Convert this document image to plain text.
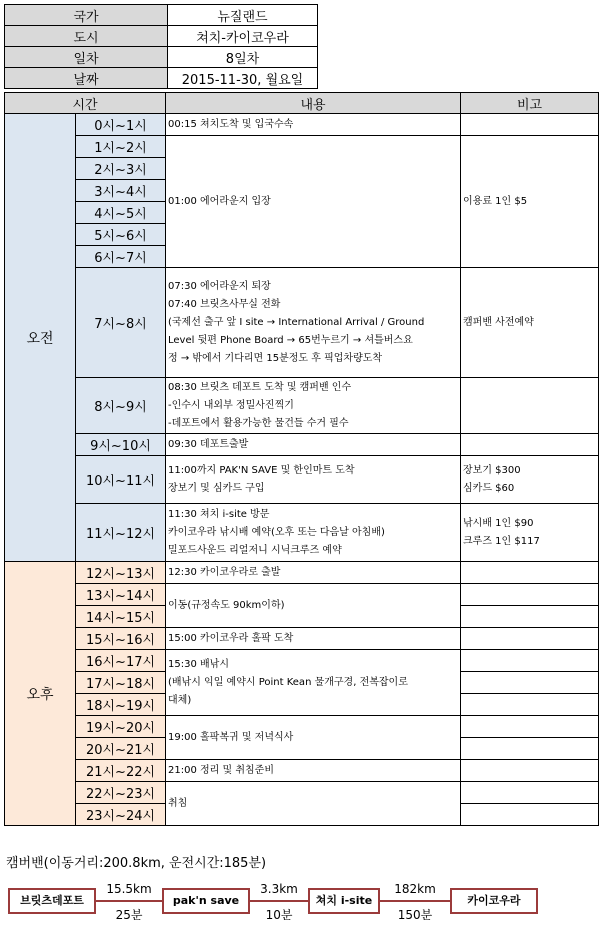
국가	뉴질랜드
도시	쳐치-카이코우라
일차	8일차
날짜	2015-11-30, 월요일
시간		내용	비고
오전	0시~1시	00:15 쳐치도착 및 입국수속	

	1시~2시	01:00 에어라운지 입장	이용료 1인 $5

	2시~3시		
	3시~4시		
	4시~5시		
	5시~6시		
	6시~7시		
	7시~8시	07:30 에어라운지 퇴장
07:40 브릿츠사무실 전화
(국제선 출구 앞 I site → International Arrival / Ground
Level 뒷편 Phone Board → 65번누르기 → 셔틀버스요
정 → 밖에서 기다리면 15분정도 후 픽업차량도착	캠퍼밴 사전예약

	8시~9시	08:30 브릿츠 데포트 도착 및 캠퍼밴 인수
-인수시 내외부 정밀사진찍기
-데포트에서 활용가능한 물건들 수거 필수	

	9시~10시	09:30 데포트출발	

	10시~11시	11:00까지 PAK'N SAVE 및 한인마트 도착
장보기 및 심카드 구입	장보기 $300
심카드 $60

	11시~12시	11:30 쳐치 i-site 방문
카이코우라 낚시배 예약(오후 또는 다음날 아침배)
밀포드사운드 리얼저니 시닉크루즈 예약	낚시배 1인 $90
크루즈 1인 $117

오후	12시~13시	12:30 카이코우라로 출발	

	13시~14시	이동(규정속도 90km이하)	

	14시~15시		
	15시~16시	15:00 카이코우라 홀팍 도착	

	16시~17시	15:30 배낚시
(배낚시 익일 예약시 Point Kean 물개구경, 전복잡이로
대체)	

	17시~18시		
	18시~19시		
	19시~20시	19:00 홀팍복귀 및 저녁식사	

	20시~21시		
	21시~22시	21:00 정리 및 취침준비	

	22시~23시	취침	

	23시~24시		
캠버밴(이동거리:200.8km, 운전시간:185분)
브릿츠데포트	pak'n save	쳐치 i-site	카이코우라
15.5km
25분
3.3km
10분
182km
150분
